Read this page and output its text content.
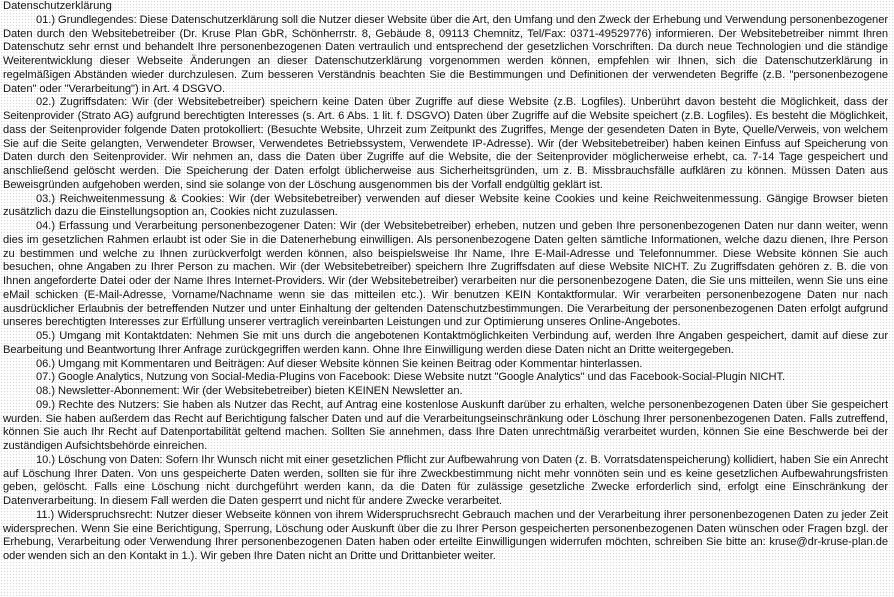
Datenschutzerklärung

01.) Grundlegendes: Diese Datenschutzerklärung soll die Nutzer dieser Website über die Art, den Umfang und den Zweck der Erhebung und Verwendung personenbezogener Daten durch den Websitebetreiber (Dr. Kruse Plan GbR, Schönherrstr. 8, Gebäude 8, 09113 Chemnitz, Tel/Fax: 0371-49529776) informieren. Der Websitebetreiber nimmt Ihren Datenschutz sehr ernst und behandelt Ihre personenbezogenen Daten vertraulich und entsprechend der gesetzlichen Vorschriften. Da durch neue Technologien und die ständige Weiterentwicklung dieser Webseite Änderungen an dieser Datenschutzerklärung vorgenommen werden können, empfehlen wir Ihnen, sich die Datenschutzerklärung in regelmäßigen Abständen wieder durchzulesen. Zum besseren Verständnis beachten Sie die Bestimmungen und Definitionen der verwendeten Begriffe (z.B. "personenbezogene Daten" oder "Verarbeitung") in Art. 4 DSGVO.

02.) Zugriffsdaten: Wir (der Websitebetreiber) speichern keine Daten über Zugriffe auf diese Website (z.B. Logfiles). Unberührt davon besteht die Möglichkeit, dass der Seitenprovider (Strato AG) aufgrund berechtigten Interesses (s. Art. 6 Abs. 1 lit. f. DSGVO) Daten über Zugriffe auf die Website speichert (z.B. Logfiles). Es besteht die Möglichkeit, dass der Seitenprovider folgende Daten protokolliert: (Besuchte Website, Uhrzeit zum Zeitpunkt des Zugriffes, Menge der gesendeten Daten in Byte, Quelle/Verweis, von welchem Sie auf die Seite gelangten, Verwendeter Browser, Verwendetes Betriebssystem, Verwendete IP-Adresse). Wir (der Websitebetreiber) haben keinen Einfuss auf Speicherung von Daten durch den Seitenprovider. Wir nehmen an, dass die Daten über Zugriffe auf die Website, die der Seitenprovider möglicherweise erhebt, ca. 7-14 Tage gespeichert und anschließend gelöscht werden. Die Speicherung der Daten erfolgt üblicherweise aus Sicherheitsgründen, um z. B. Missbrauchsfälle aufklären zu können. Müssen Daten aus Beweisgründen aufgehoben werden, sind sie solange von der Löschung ausgenommen bis der Vorfall endgültig geklärt ist.

03.) Reichweitenmessung & Cookies: Wir (der Websitebetreiber) verwenden auf dieser Website keine Cookies und keine Reichweitenmessung. Gängige Browser bieten zusätzlich dazu die Einstellungsoption an, Cookies nicht zuzulassen.

04.) Erfassung und Verarbeitung personenbezogener Daten: Wir (der Websitebetreiber) erheben, nutzen und geben Ihre personenbezogenen Daten nur dann weiter, wenn dies im gesetzlichen Rahmen erlaubt ist oder Sie in die Datenerhebung einwilligen. Als personenbezogene Daten gelten sämtliche Informationen, welche dazu dienen, Ihre Person zu bestimmen und welche zu Ihnen zurückverfolgt werden können, also beispielsweise Ihr Name, Ihre E-Mail-Adresse und Telefonnummer. Diese Website können Sie auch besuchen, ohne Angaben zu Ihrer Person zu machen. Wir (der Websitebetreiber) speichern Ihre Zugriffsdaten auf diese Website NICHT. Zu Zugriffsdaten gehören z. B. die von Ihnen angeforderte Datei oder der Name Ihres Internet-Providers. Wir (der Websitebetreiber) verarbeiten nur die personenbezogene Daten, die Sie uns mitteilen, wenn Sie uns eine eMail schicken (E-Mail-Adresse, Vorname/Nachname wenn sie das mitteilen etc.). Wir benutzen KEIN Kontaktformular. Wir verarbeiten personenbezogene Daten nur nach ausdrücklicher Erlaubnis der betreffenden Nutzer und unter Einhaltung der geltenden Datenschutzbestimmungen. Die Verarbeitung der personenbezogenen Daten erfolgt aufgrund unseres berechtigten Interesses zur Erfüllung unserer vertraglich vereinbarten Leistungen und zur Optimierung unseres Online-Angebotes.

05.) Umgang mit Kontaktdaten: Nehmen Sie mit uns durch die angebotenen Kontaktmöglichkeiten Verbindung auf, werden Ihre Angaben gespeichert, damit auf diese zur Bearbeitung und Beantwortung Ihrer Anfrage zurückgegriffen werden kann. Ohne Ihre Einwilligung werden diese Daten nicht an Dritte weitergegeben.

06.) Umgang mit Kommentaren und Beiträgen: Auf dieser Website können Sie keinen Beitrag oder Kommentar hinterlassen.

07.) Google Analytics, Nutzung von Social-Media-Plugins von Facebook: Diese Website nutzt "Google Analytics" und das Facebook-Social-Plugin NICHT.

08.) Newsletter-Abonnement: Wir (der Websitebetreiber) bieten KEINEN Newsletter an.

09.) Rechte des Nutzers: Sie haben als Nutzer das Recht, auf Antrag eine kostenlose Auskunft darüber zu erhalten, welche personenbezogenen Daten über Sie gespeichert wurden. Sie haben außerdem das Recht auf Berichtigung falscher Daten und auf die Verarbeitungseinschränkung oder Löschung Ihrer personenbezogenen Daten. Falls zutreffend, können Sie auch Ihr Recht auf Datenportabilität geltend machen. Sollten Sie annehmen, dass Ihre Daten unrechtmäßig verarbeitet wurden, können Sie eine Beschwerde bei der zuständigen Aufsichtsbehörde einreichen.

10.) Löschung von Daten: Sofern Ihr Wunsch nicht mit einer gesetzlichen Pflicht zur Aufbewahrung von Daten (z. B. Vorratsdatenspeicherung) kollidiert, haben Sie ein Anrecht auf Löschung Ihrer Daten. Von uns gespeicherte Daten werden, sollten sie für ihre Zweckbestimmung nicht mehr vonnöten sein und es keine gesetzlichen Aufbewahrungsfristen geben, gelöscht. Falls eine Löschung nicht durchgeführt werden kann, da die Daten für zulässige gesetzliche Zwecke erforderlich sind, erfolgt eine Einschränkung der Datenverarbeitung. In diesem Fall werden die Daten gesperrt und nicht für andere Zwecke verarbeitet.

11.) Widerspruchsrecht: Nutzer dieser Webseite können von ihrem Widerspruchsrecht Gebrauch machen und der Verarbeitung ihrer personenbezogenen Daten zu jeder Zeit widersprechen. Wenn Sie eine Berichtigung, Sperrung, Löschung oder Auskunft über die zu Ihrer Person gespeicherten personenbezogenen Daten wünschen oder Fragen bzgl. der Erhebung, Verarbeitung oder Verwendung Ihrer personenbezogenen Daten haben oder erteilte Einwilligungen widerrufen möchten, schreiben Sie bitte an: kruse@dr-kruse-plan.de oder wenden sich an den Kontakt in 1.). Wir geben Ihre Daten nicht an Dritte und Drittanbieter weiter.
